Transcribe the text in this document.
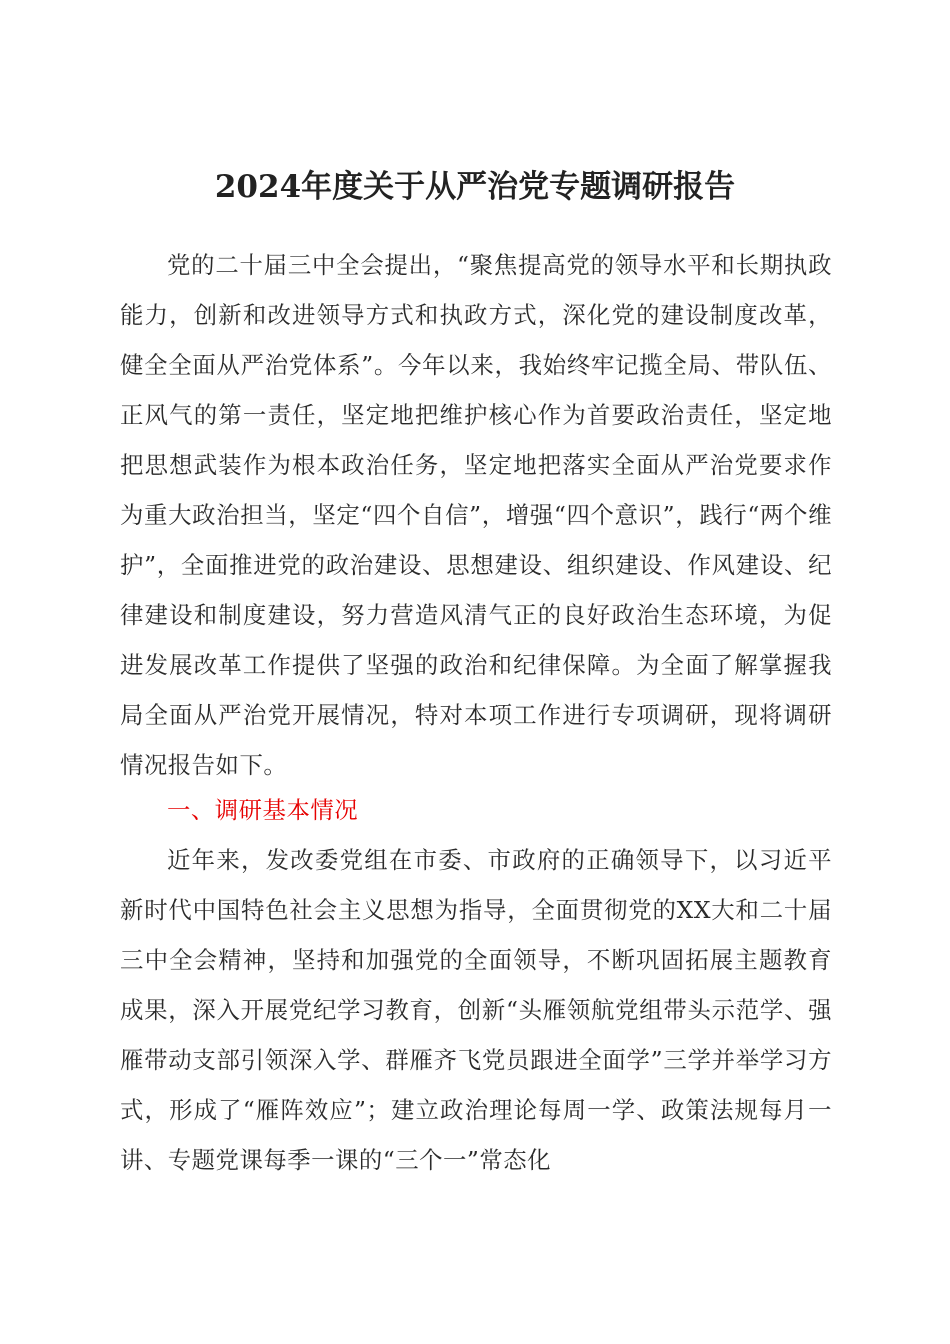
2024年度关于从严治党专题调研报告

党的二十届三中全会提出，“聚焦提高党的领导水平和长期执政能力，创新和改进领导方式和执政方式，深化党的建设制度改革，健全全面从严治党体系”。今年以来，我始终牢记揽全局、带队伍、正风气的第一责任，坚定地把维护核心作为首要政治责任，坚定地把思想武装作为根本政治任务，坚定地把落实全面从严治党要求作为重大政治担当，坚定“四个自信”，增强“四个意识”，践行“两个维护”，全面推进党的政治建设、思想建设、组织建设、作风建设、纪律建设和制度建设，努力营造风清气正的良好政治生态环境，为促进发展改革工作提供了坚强的政治和纪律保障。为全面了解掌握我局全面从严治党开展情况，特对本项工作进行专项调研，现将调研情况报告如下。

一、调研基本情况

近年来，发改委党组在市委、市政府的正确领导下，以习近平新时代中国特色社会主义思想为指导，全面贯彻党的XX大和二十届三中全会精神，坚持和加强党的全面领导，不断巩固拓展主题教育成果，深入开展党纪学习教育，创新“头雁领航党组带头示范学、强雁带动支部引领深入学、群雁齐飞党员跟进全面学”三学并举学习方式，形成了“雁阵效应”；建立政治理论每周一学、政策法规每月一讲、专题党课每季一课的“三个一”常态化
